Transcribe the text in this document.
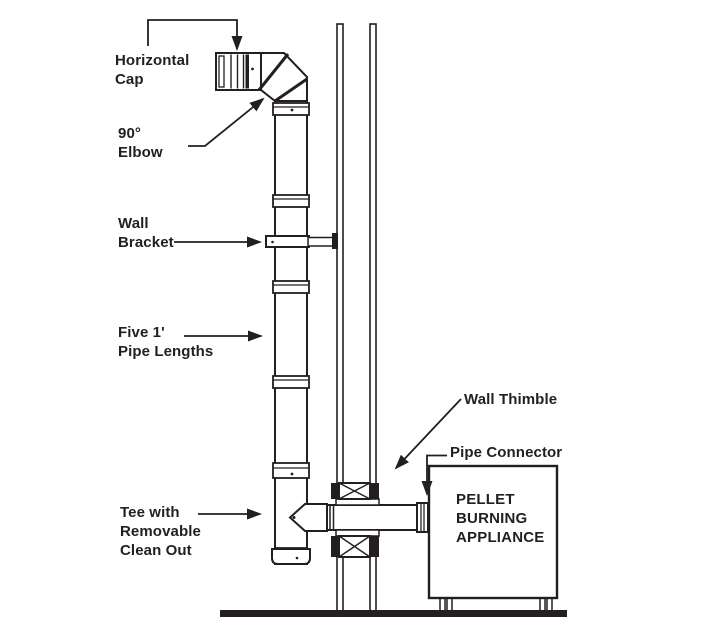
Horizontal
Cap
90°
Elbow
Wall
Bracket
Five 1'
Pipe Lengths
Tee with
Removable
Clean Out
Wall Thimble
Pipe Connector
PELLET
BURNING
APPLIANCE
